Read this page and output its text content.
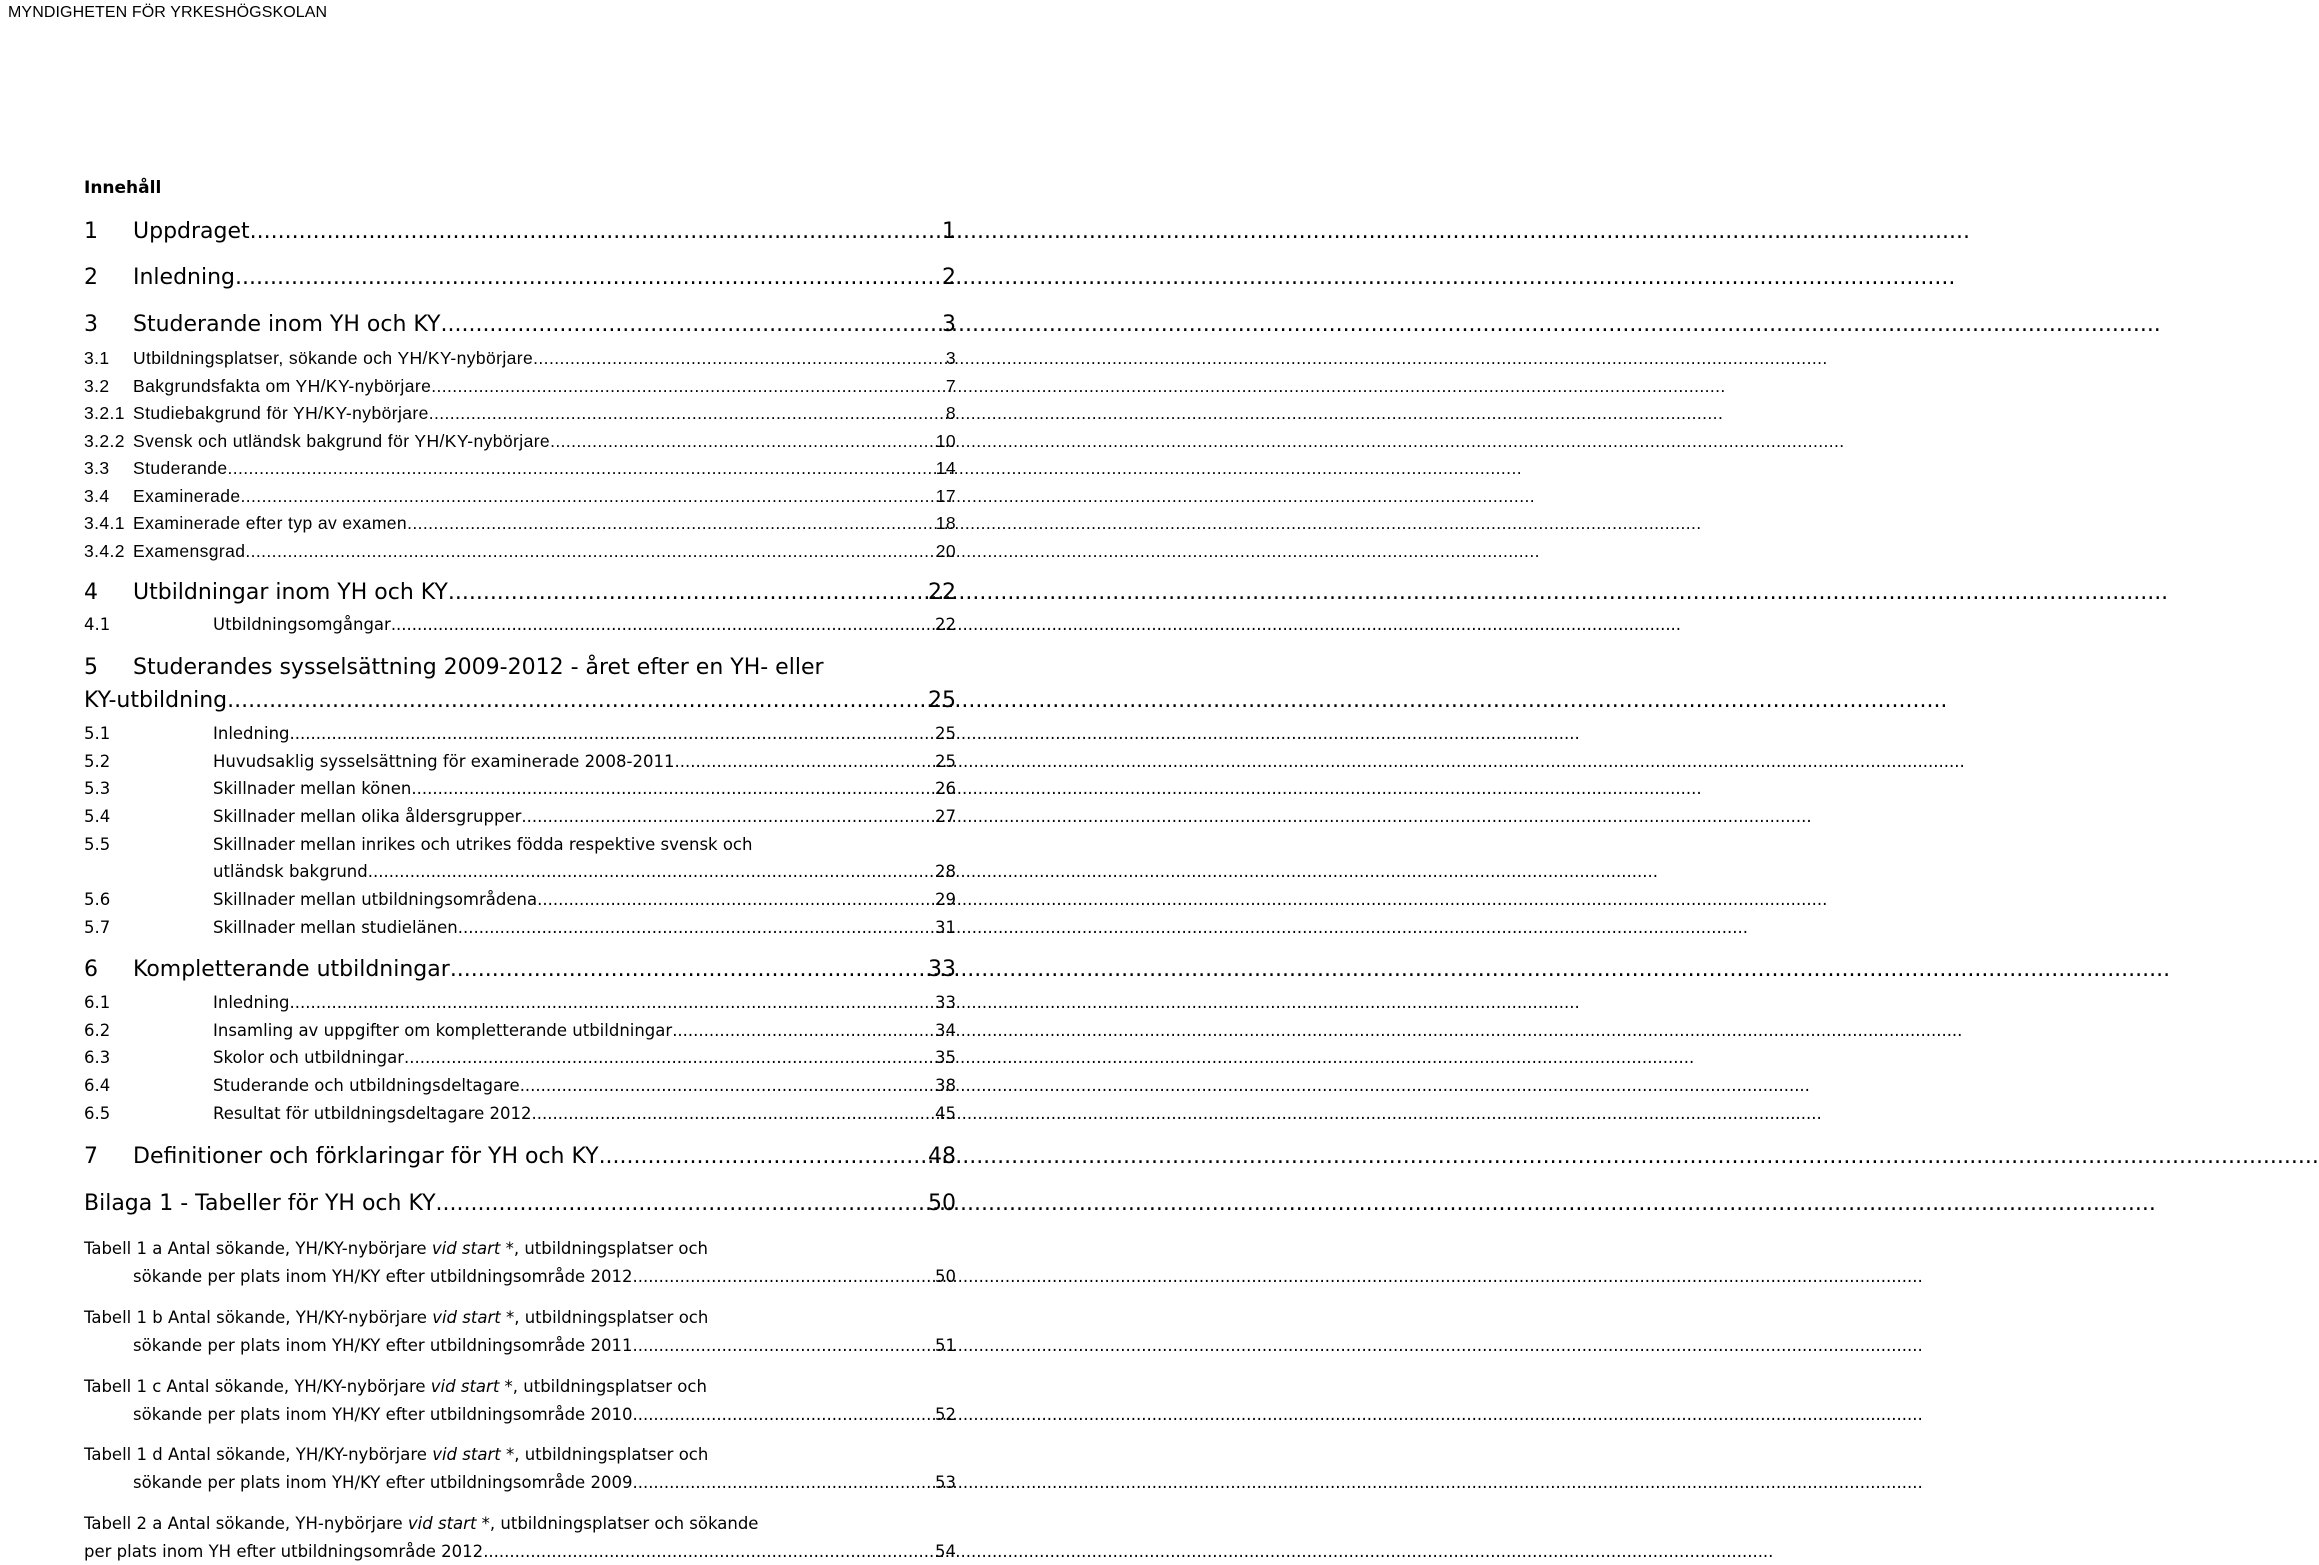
MYNDIGHETEN FÖR YRKESHÖGSKOLAN
Innehåll
1	Uppdraget .....	1
2	Inledning .....	2
3	Studerande inom YH och KY .....	3
3.1	Utbildningsplatser, sökande och YH/KY-nybörjare .....	3
3.2	Bakgrundsfakta om YH/KY-nybörjare .....	7
3.2.1 Studiebakgrund för YH/KY-nybörjare .....	8
3.2.2 Svensk och utländsk bakgrund för YH/KY-nybörjare .....	10
3.3	Studerande .....	14
3.4	Examinerade .....	17
3.4.1 Examinerade efter typ av examen .....	18
3.4.2 Examensgrad .....	20
4	Utbildningar inom YH och KY .....	22
4.1	Utbildningsomgångar .....	22
5 Studerandes sysselsättning 2009-2012 - året efter en YH- eller
KY-utbildning .....	25
5.1	Inledning .....	25
5.2	Huvudsaklig sysselsättning för examinerade 2008-2011 .....	25
5.3	Skillnader mellan könen .....	26
5.4	Skillnader mellan olika åldersgrupper .....	27
5.5	Skillnader mellan inrikes och utrikes födda respektive svensk och
utländsk bakgrund .....	28
5.6	Skillnader mellan utbildningsområdena .....	29
5.7	Skillnader mellan studielänen .....	31
6	Kompletterande utbildningar .....	33
6.1	Inledning .....	33
6.2	Insamling av uppgifter om kompletterande utbildningar .....	34
6.3	Skolor och utbildningar .....	35
6.4	Studerande och utbildningsdeltagare .....	38
6.5	Resultat för utbildningsdeltagare 2012 .....	45
7	Definitioner och förklaringar för YH och KY .....	48
Bilaga 1 - Tabeller för YH och KY .....	50
Tabell 1 a Antal sökande, YH/KY-nybörjare vid start *, utbildningsplatser och
sökande per plats inom YH/KY efter utbildningsområde 2012 .....	50
Tabell 1 b Antal sökande, YH/KY-nybörjare vid start *, utbildningsplatser och
sökande per plats inom YH/KY efter utbildningsområde 2011 .....	51
Tabell 1 c Antal sökande, YH/KY-nybörjare vid start *, utbildningsplatser och
sökande per plats inom YH/KY efter utbildningsområde 2010 .....	52
Tabell 1 d Antal sökande, YH/KY-nybörjare vid start *, utbildningsplatser och
sökande per plats inom YH/KY efter utbildningsområde 2009 .....	53
Tabell 2 a Antal sökande, YH-nybörjare vid start *, utbildningsplatser och sökande
per plats inom YH efter utbildningsområde 2012 .....	54
